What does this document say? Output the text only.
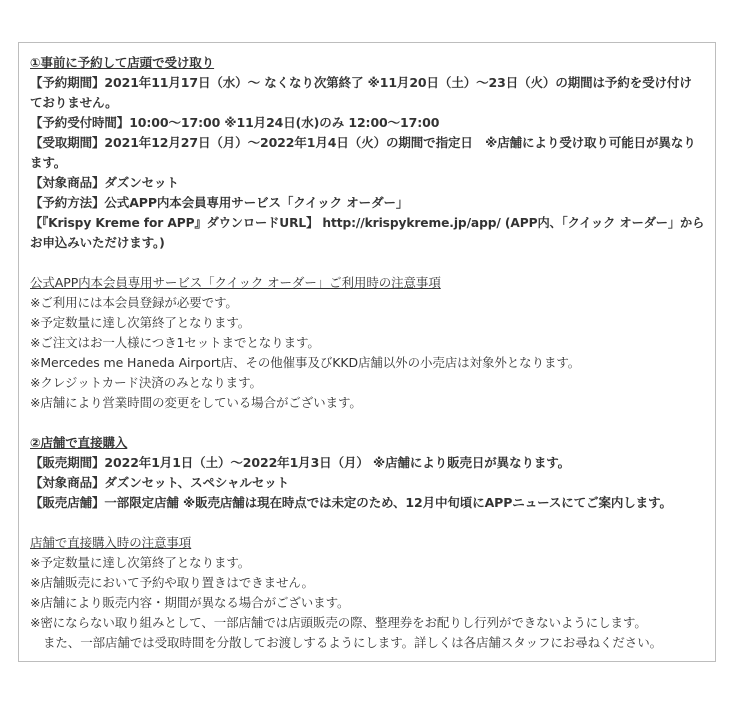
①事前に予約して店頭で受け取り
【予約期間】2021年11月17日（水）〜 なくなり次第終了 ※11月20日（土）〜23日（火）の期間は予約を受け付け
ておりません。
【予約受付時間】10:00〜17:00 ※11月24日(水)のみ 12:00〜17:00
【受取期間】2021年12月27日（月）〜2022年1月4日（火）の期間で指定日　※店舗により受け取り可能日が異なり
ます。
【対象商品】ダズンセット
【予約方法】公式APP内本会員専用サービス「クイック オーダー」
【『Krispy Kreme for APP』ダウンロードURL】 http://krispykreme.jp/app/ (APP内、「クイック オーダー」から
お申込みいただけます。)
公式APP内本会員専用サービス「クイック オーダー」ご利用時の注意事項
※ご利用には本会員登録が必要です。
※予定数量に達し次第終了となります。
※ご注文はお一人様につき1セットまでとなります。
※Mercedes me Haneda Airport店、その他催事及びKKD店舗以外の小売店は対象外となります。
※クレジットカード決済のみとなります。
※店舗により営業時間の変更をしている場合がございます。
②店舗で直接購入
【販売期間】2022年1月1日（土）〜2022年1月3日（月） ※店舗により販売日が異なります。
【対象商品】ダズンセット、スペシャルセット
【販売店舗】一部限定店舗 ※販売店舗は現在時点では未定のため、12月中旬頃にAPPニュースにてご案内します。
店舗で直接購入時の注意事項
※予定数量に達し次第終了となります。
※店舗販売において予約や取り置きはできません。
※店舗により販売内容・期間が異なる場合がございます。
※密にならない取り組みとして、一部店舗では店頭販売の際、整理券をお配りし行列ができないようにします。
また、一部店舗では受取時間を分散してお渡しするようにします。詳しくは各店舗スタッフにお尋ねください。
